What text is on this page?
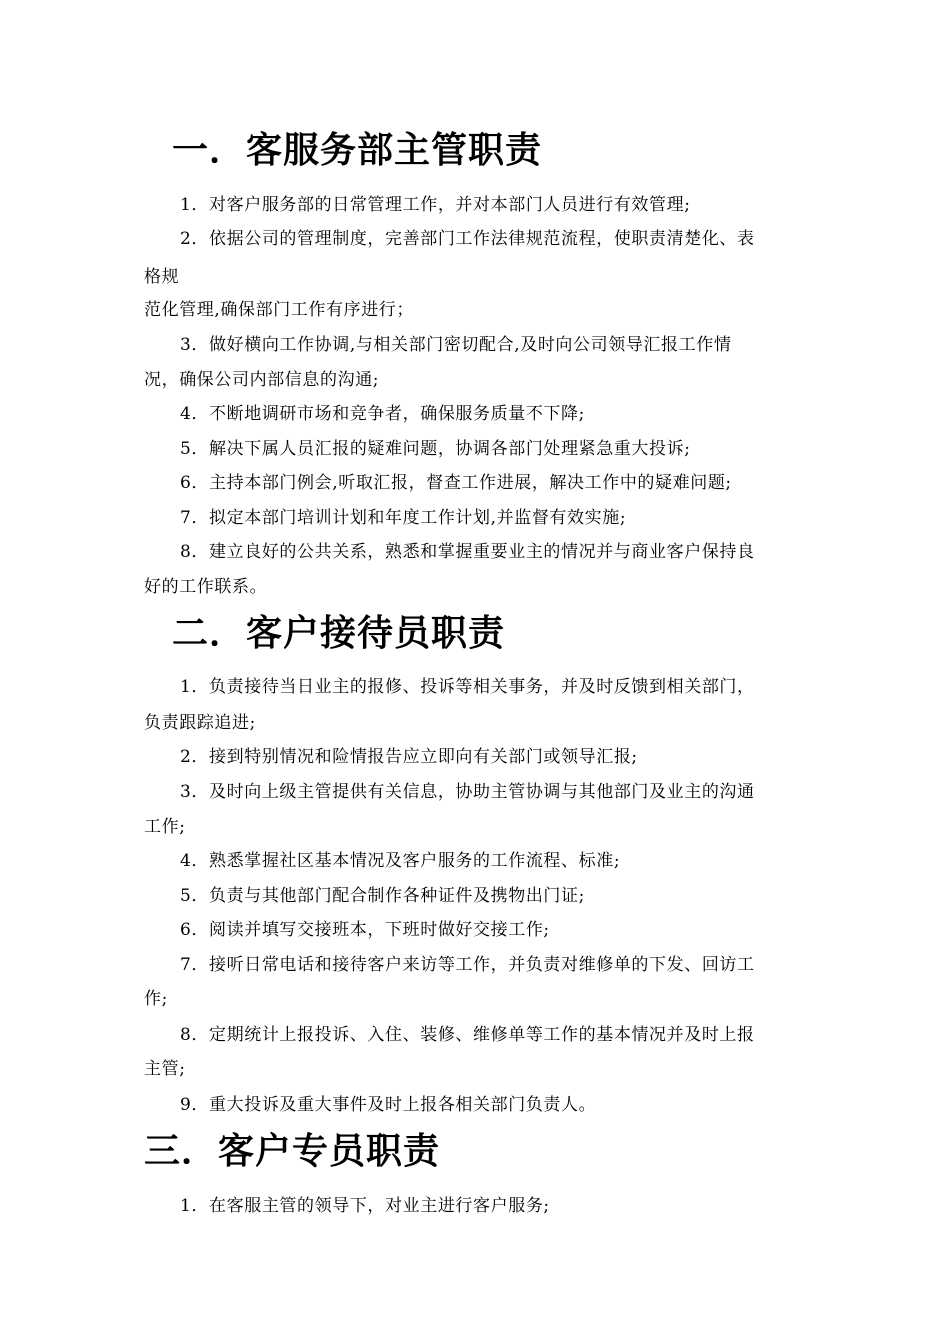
一．客服务部主管职责

1．对客户服务部的日常管理工作，并对本部门人员进行有效管理;

2．依据公司的管理制度，完善部门工作法律规范流程，使职责清楚化、表

格规

范化管理,确保部门工作有序进行；

3．做好横向工作协调,与相关部门密切配合,及时向公司领导汇报工作情

况，确保公司内部信息的沟通;

4．不断地调研市场和竞争者，确保服务质量不下降;

5．解决下属人员汇报的疑难问题，协调各部门处理紧急重大投诉;

6．主持本部门例会,听取汇报，督查工作进展，解决工作中的疑难问题;

7．拟定本部门培训计划和年度工作计划,并监督有效实施;

8．建立良好的公共关系，熟悉和掌握重要业主的情况并与商业客户保持良

好的工作联系。

二．客户接待员职责

1．负责接待当日业主的报修、投诉等相关事务，并及时反馈到相关部门，

负责跟踪追进;

2．接到特别情况和险情报告应立即向有关部门或领导汇报;

3．及时向上级主管提供有关信息，协助主管协调与其他部门及业主的沟通

工作;

4．熟悉掌握社区基本情况及客户服务的工作流程、标准;

5．负责与其他部门配合制作各种证件及携物出门证;

6．阅读并填写交接班本，下班时做好交接工作;

7．接听日常电话和接待客户来访等工作，并负责对维修单的下发、回访工

作;

8．定期统计上报投诉、入住、装修、维修单等工作的基本情况并及时上报

主管;

9．重大投诉及重大事件及时上报各相关部门负责人。

三．客户专员职责

1．在客服主管的领导下，对业主进行客户服务;
